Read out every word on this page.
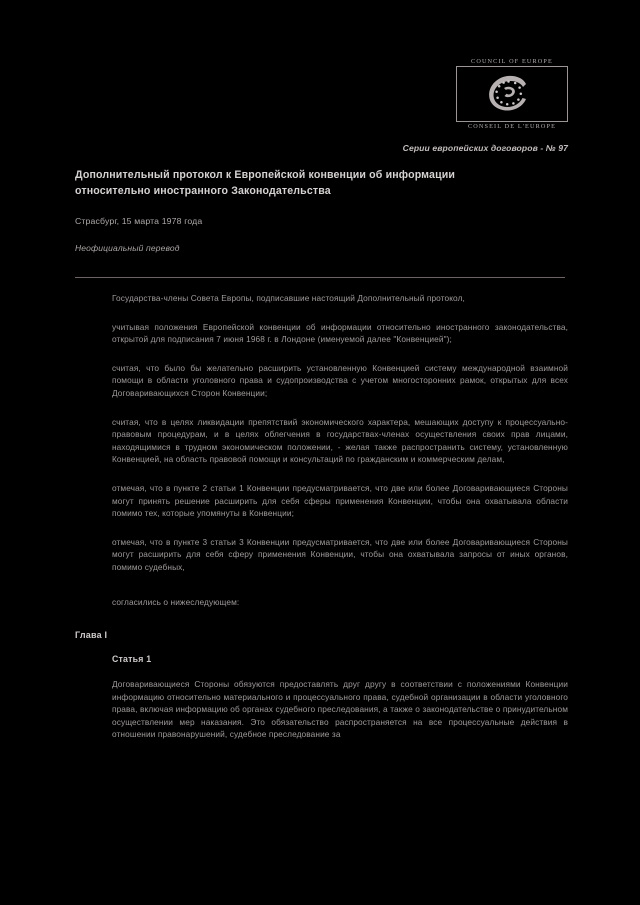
COUNCIL OF EUROPE
CONSEIL DE L'EUROPE
Серии европейских договоров - № 97
Дополнительный протокол к Европейской конвенции об информации
относительно иностранного Законодательства
Страсбург, 15 марта 1978 года
Неофициальный перевод

Государства-члены Совета Европы, подписавшие настоящий Дополнительный протокол,

учитывая положения Европейской конвенции об информации относительно иностранного законодательства, открытой для подписания 7 июня 1968 г. в Лондоне (именуемой далее "Конвенцией");

считая, что было бы желательно расширить установленную Конвенцией систему международной взаимной помощи в области уголовного права и судопроизводства с учетом многосторонних рамок, открытых для всех Договаривающихся Сторон Конвенции;

считая, что в целях ликвидации препятствий экономического характера, мешающих доступу к процессуально-правовым процедурам, и в целях облегчения в государствах-членах осуществления своих прав лицами, находящимися в трудном экономическом положении, - желая также распространить систему, установленную Конвенцией, на область правовой помощи и консультаций по гражданским и коммерческим делам,

отмечая, что в пункте 2 статьи 1 Конвенции предусматривается, что две или более Договаривающиеся Стороны могут принять решение расширить для себя сферы применения Конвенции, чтобы она охватывала области помимо тех, которые упомянуты в Конвенции;

отмечая, что в пункте 3 статьи 3 Конвенции предусматривается, что две или более Договаривающиеся Стороны могут расширить для себя сферу применения Конвенции, чтобы она охватывала запросы от иных органов, помимо судебных,

согласились о нижеследующем:

Глава I

Статья 1

Договаривающиеся Стороны обязуются предоставлять друг другу в соответствии с положениями Конвенции информацию относительно материального и процессуального права, судебной организации в области уголовного права, включая информацию об органах судебного преследования, а также о законодательстве о принудительном осуществлении мер наказания. Это обязательство распространяется на все процессуальные действия в отношении правонарушений, судебное преследование за
